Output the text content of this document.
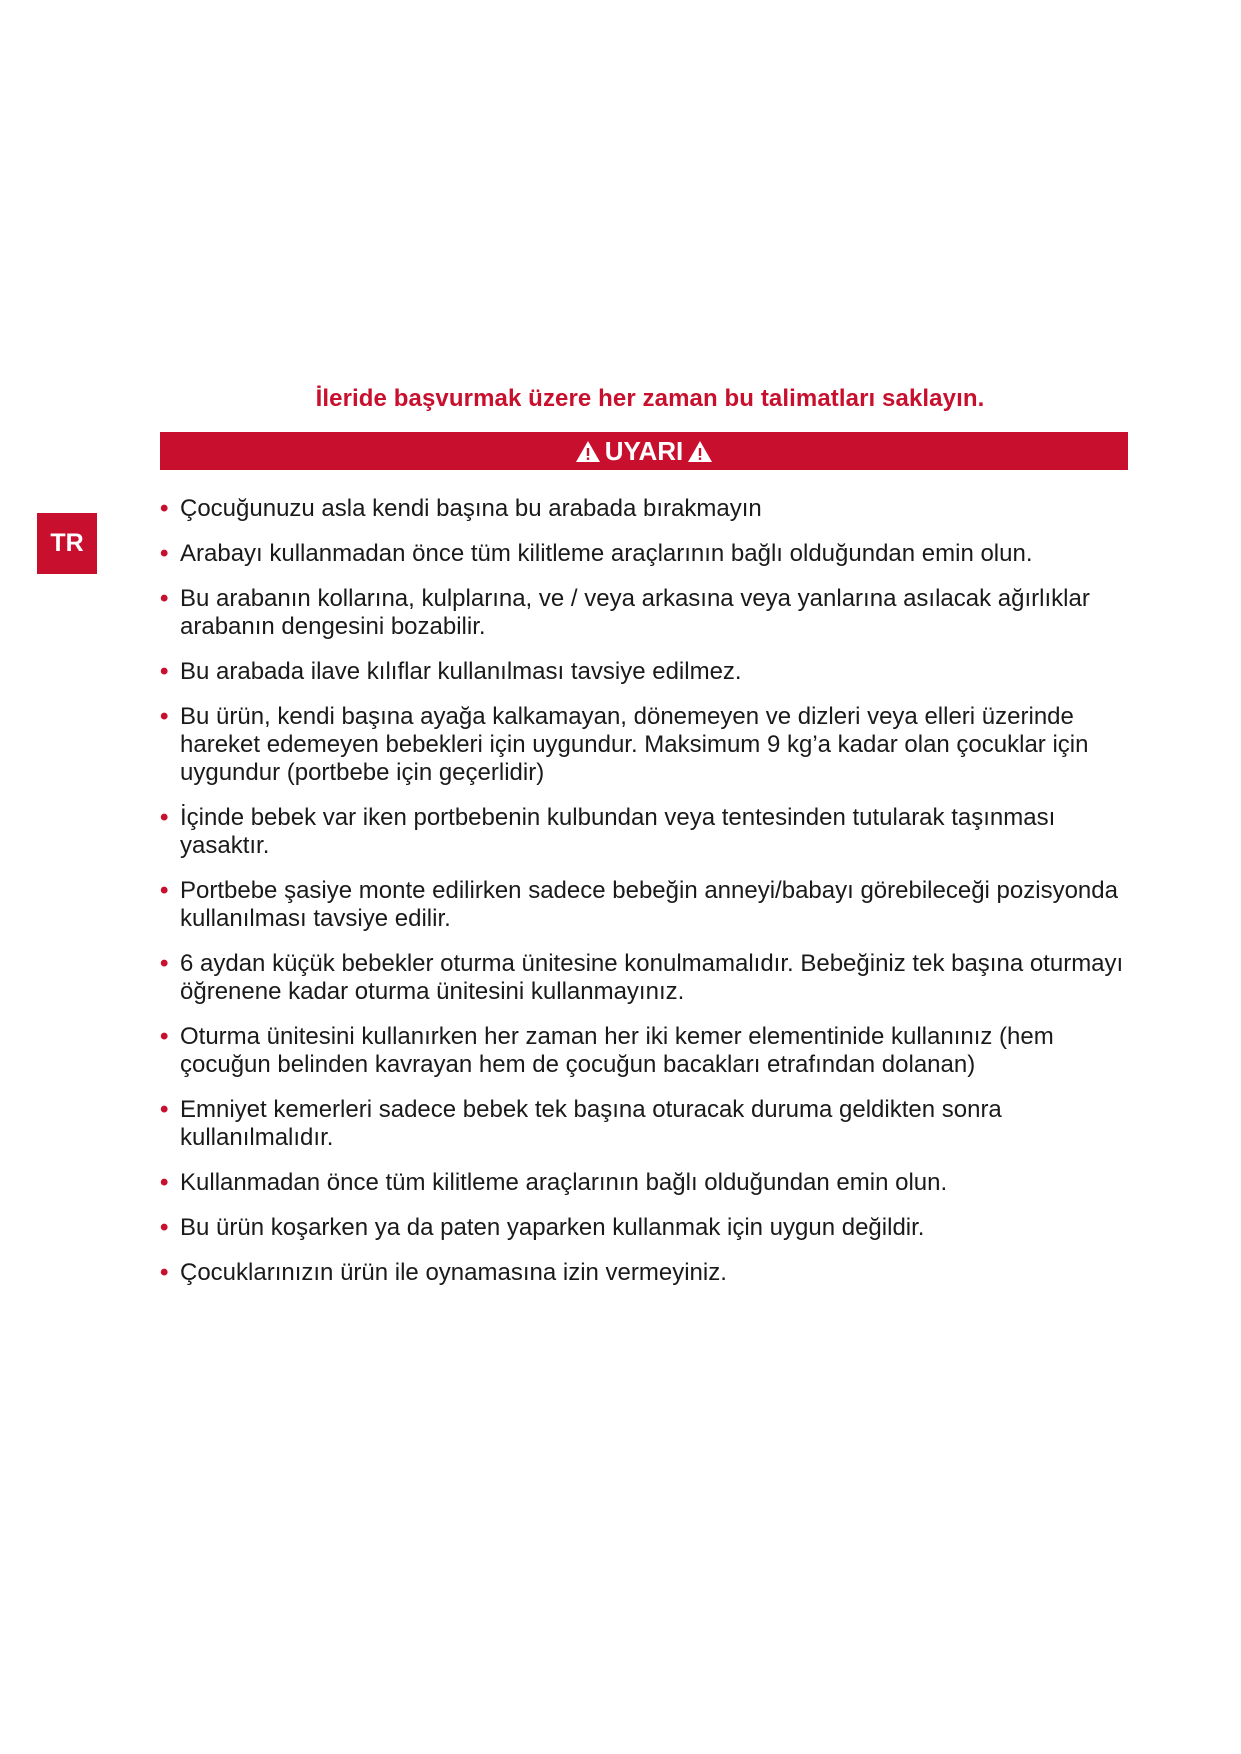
İleride başvurmak üzere her zaman bu talimatları saklayın.
UYARI
TR
• Çocuğunuzu asla kendi başına bu arabada bırakmayın
• Arabayı kullanmadan önce tüm kilitleme araçlarının bağlı olduğundan emin olun.
• Bu arabanın kollarına, kulplarına, ve / veya arkasına veya yanlarına asılacak ağırlıklar arabanın dengesini bozabilir.
• Bu arabada ilave kılıflar kullanılması tavsiye edilmez.
• Bu ürün, kendi başına ayağa kalkamayan, dönemeyen ve dizleri veya elleri üzerinde hareket edemeyen bebekleri için uygundur. Maksimum 9 kg’a kadar olan çocuklar için uygundur (portbebe için geçerlidir)
• İçinde bebek var iken portbebenin kulbundan veya tentesinden tutularak taşınması yasaktır.
• Portbebe şasiye monte edilirken sadece bebeğin anneyi/babayı görebileceği pozisyonda kullanılması tavsiye edilir.
• 6 aydan küçük bebekler oturma ünitesine konulmamalıdır. Bebeğiniz tek başına oturmayı öğrenene kadar oturma ünitesini kullanmayınız.
• Oturma ünitesini kullanırken her zaman her iki kemer elementinide kullanınız (hem çocuğun belinden kavrayan hem de çocuğun bacakları etrafından dolanan)
• Emniyet kemerleri sadece bebek tek başına oturacak duruma geldikten sonra kullanılmalıdır.
• Kullanmadan önce tüm kilitleme araçlarının bağlı olduğundan emin olun.
• Bu ürün koşarken ya da paten yaparken kullanmak için uygun değildir.
• Çocuklarınızın ürün ile oynamasına izin vermeyiniz.
